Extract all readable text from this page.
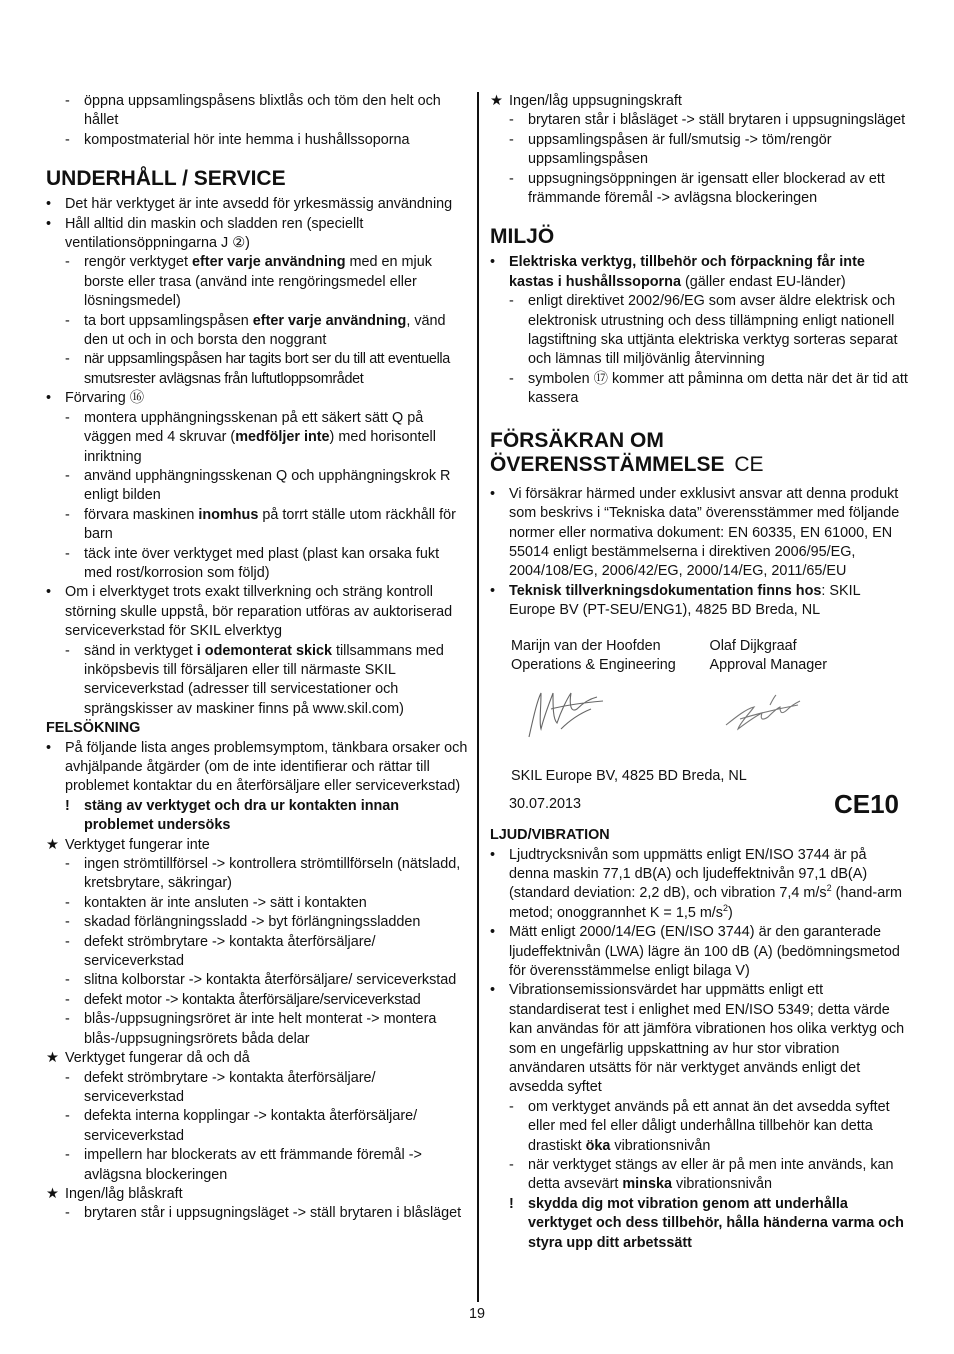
- öppna uppsamlingspåsens blixtlås och töm den helt och hållet

- kompostmaterial hör inte hemma i hushållssoporna

UNDERHÅLL / SERVICE

• Det här verktyget är inte avsedd för yrkesmässig användning

• Håll alltid din maskin och sladden ren (speciellt ventilationsöppningarna J ②)

- rengör verktyget efter varje användning med en mjuk borste eller trasa (använd inte rengöringsmedel eller lösningsmedel)

- ta bort uppsamlingspåsen efter varje användning, vänd den ut och in och borsta den noggrant

- när uppsamlingspåsen har tagits bort ser du till att eventuella smutsrester avlägsnas från luftutloppsområdet

• Förvaring ⑯

- montera upphängningsskenan på ett säkert sätt Q på väggen med 4 skruvar (medföljer inte) med horisontell inriktning

- använd upphängningsskenan Q och upphängningskrok R enligt bilden

- förvara maskinen inomhus på torrt ställe utom räckhåll för barn

- täck inte över verktyget med plast (plast kan orsaka fukt med rost/korrosion som följd)

• Om i elverktyget trots exakt tillverkning och sträng kontroll störning skulle uppstå, bör reparation utföras av auktoriserad serviceverkstad för SKIL elverktyg

- sänd in verktyget i odemonterat skick tillsammans med inköpsbevis till försäljaren eller till närmaste SKIL serviceverkstad (adresser till servicestationer och sprängskisser av maskiner finns på www.skil.com)

FELSÖKNING

• På följande lista anges problemsymptom, tänkbara orsaker och avhjälpande åtgärder (om de inte identifierar och rättar till problemet kontaktar du en återförsäljare eller serviceverkstad)

! stäng av verktyget och dra ur kontakten innan problemet undersöks

★ Verktyget fungerar inte

- ingen strömtillförsel -> kontrollera strömtillförseln (nätsladd, kretsbrytare, säkringar)

- kontakten är inte ansluten -> sätt i kontakten

- skadad förlängningssladd -> byt förlängningssladden

- defekt strömbrytare -> kontakta återförsäljare/ serviceverkstad

- slitna kolborstar -> kontakta återförsäljare/ serviceverkstad

- defekt motor -> kontakta återförsäljare/serviceverkstad

- blås-/uppsugningsröret är inte helt monterat -> montera blås-/uppsugningsrörets båda delar

★ Verktyget fungerar då och då

- defekt strömbrytare -> kontakta återförsäljare/ serviceverkstad

- defekta interna kopplingar -> kontakta återförsäljare/ serviceverkstad

- impellern har blockerats av ett främmande föremål -> avlägsna blockeringen

★ Ingen/låg blåskraft

- brytaren står i uppsugningsläget -> ställ brytaren i blåsläget

★ Ingen/låg uppsugningskraft

- brytaren står i blåsläget -> ställ brytaren i uppsugningsläget

- uppsamlingspåsen är full/smutsig -> töm/rengör uppsamlingspåsen

- uppsugningsöppningen är igensatt eller blockerad av ett främmande föremål -> avlägsna blockeringen

MILJÖ

• Elektriska verktyg, tillbehör och förpackning får inte kastas i hushållssoporna (gäller endast EU-länder)

- enligt direktivet 2002/96/EG som avser äldre elektrisk och elektronisk utrustning och dess tillämpning enligt nationell lagstiftning ska uttjänta elektriska verktyg sorteras separat och lämnas till miljövänlig återvinning

- symbolen ⑰ kommer att påminna om detta när det är tid att kassera

FÖRSÄKRAN OM
ÖVERENSSTÄMMELSE CE

• Vi försäkrar härmed under exklusivt ansvar att denna produkt som beskrivs i “Tekniska data” överensstämmer med följande normer eller normativa dokument: EN 60335, EN 61000, EN 55014 enligt bestämmelserna i direktiven 2006/95/EG, 2004/108/EG, 2006/42/EG, 2000/14/EG, 2011/65/EU

• Teknisk tillverkningsdokumentation finns hos: SKIL Europe BV (PT-SEU/ENG1), 4825 BD Breda, NL

Marijn van der Hoofden
Operations & Engineering
Olaf Dijkgraaf
Approval Manager
SKIL Europe BV, 4825 BD Breda, NL
30.07.2013	CE10
LJUD/VIBRATION

• Ljudtrycksnivån som uppmätts enligt EN/ISO 3744 är på denna maskin 77,1 dB(A) och ljudeffektnivån 97,1 dB(A) (standard deviation: 2,2 dB), och vibration 7,4 $m/s^2$ (hand-arm metod; onoggrannhet K = 1,5 $m/s^2$)

• Mätt enligt 2000/14/EG (EN/ISO 3744) är den garanterade ljudeffektnivån (LWA) lägre än 100 dB (A) (bedömningsmetod för överensstämmelse enligt bilaga V)

• Vibrationsemissionsvärdet har uppmätts enligt ett standardiserat test i enlighet med EN/ISO 5349; detta värde kan användas för att jämföra vibrationen hos olika verktyg och som en ungefärlig uppskattning av hur stor vibration användaren utsätts för när verktyget används enligt det avsedda syftet

- om verktyget används på ett annat än det avsedda syftet eller med fel eller dåligt underhållna tillbehör kan detta drastiskt öka vibrationsnivån

- när verktyget stängs av eller är på men inte används, kan detta avsevärt minska vibrationsnivån

! skydda dig mot vibration genom att underhålla verktyget och dess tillbehör, hålla händerna varma och styra upp ditt arbetssätt

19
